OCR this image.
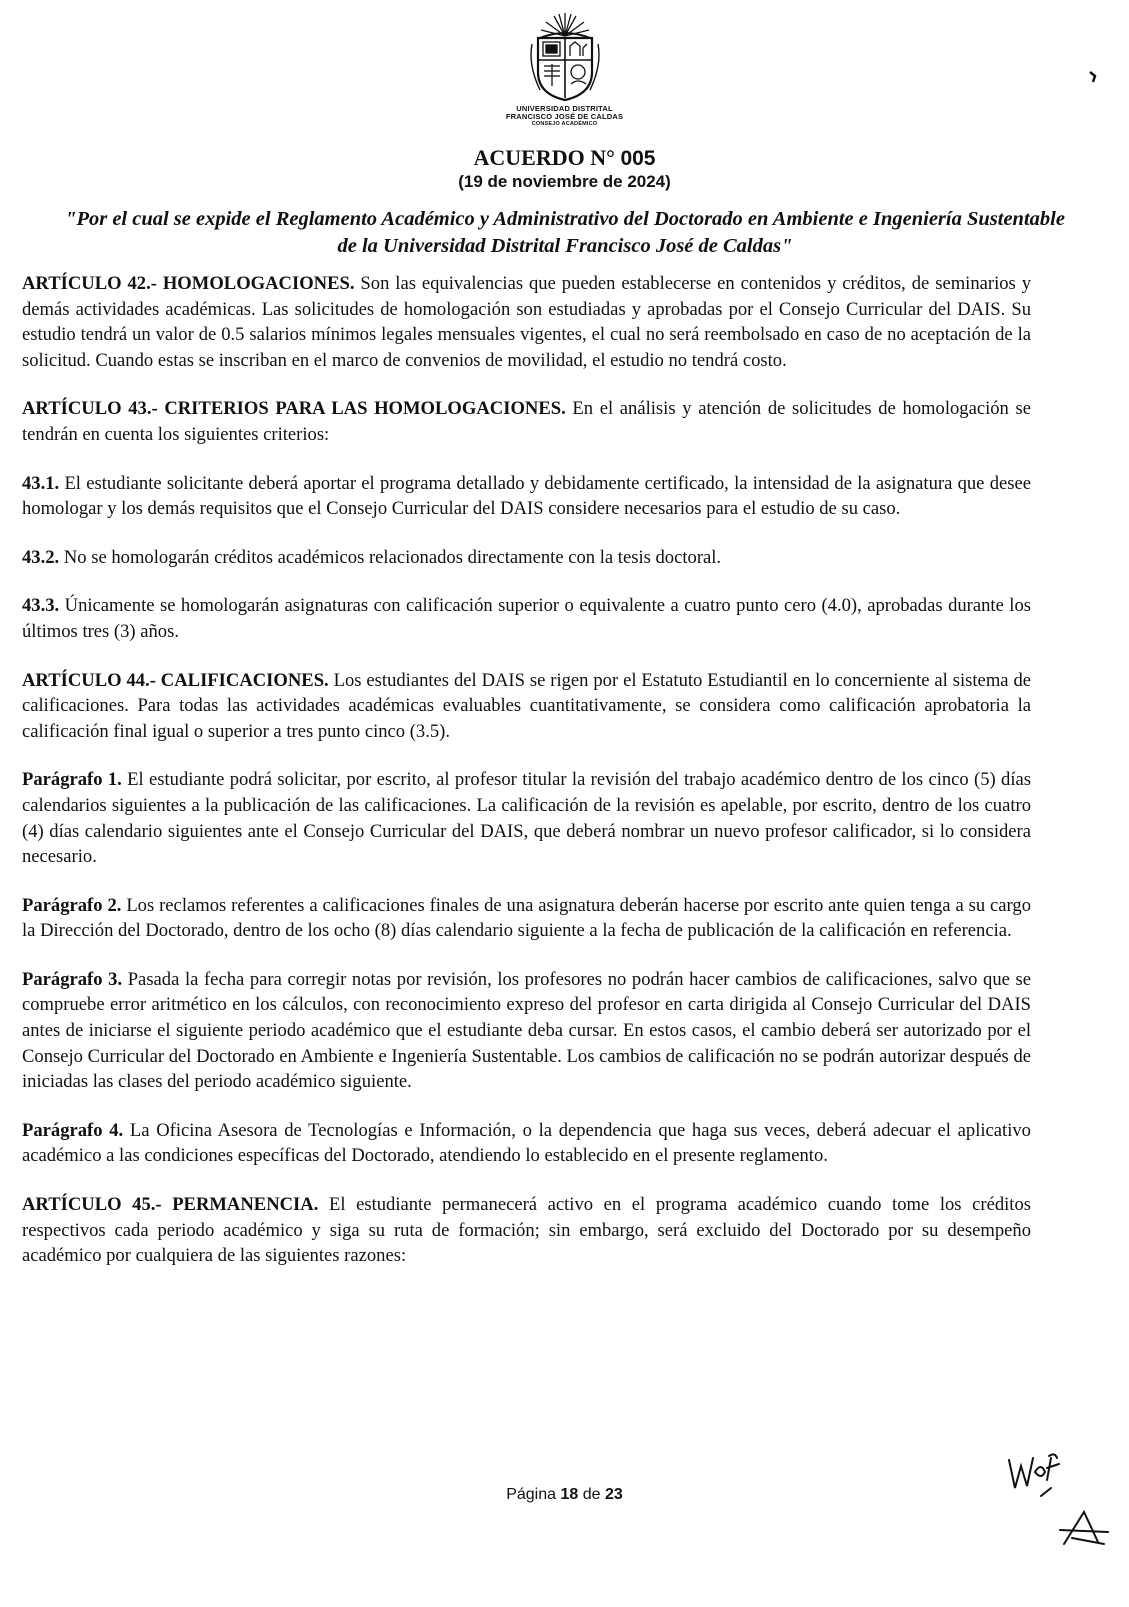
UNIVERSIDAD DISTRITAL
FRANCISCO JOSÉ DE CALDAS
CONSEJO ACADÉMICO
ACUERDO N° 005
(19 de noviembre de 2024)
"Por el cual se expide el Reglamento Académico y Administrativo del Doctorado en Ambiente e Ingeniería Sustentable de la Universidad Distrital Francisco José de Caldas"

ARTÍCULO 42.- HOMOLOGACIONES. Son las equivalencias que pueden establecerse en contenidos y créditos, de seminarios y demás actividades académicas. Las solicitudes de homologación son estudiadas y aprobadas por el Consejo Curricular del DAIS. Su estudio tendrá un valor de 0.5 salarios mínimos legales mensuales vigentes, el cual no será reembolsado en caso de no aceptación de la solicitud. Cuando estas se inscriban en el marco de convenios de movilidad, el estudio no tendrá costo.

ARTÍCULO 43.- CRITERIOS PARA LAS HOMOLOGACIONES. En el análisis y atención de solicitudes de homologación se tendrán en cuenta los siguientes criterios:

43.1. El estudiante solicitante deberá aportar el programa detallado y debidamente certificado, la intensidad de la asignatura que desee homologar y los demás requisitos que el Consejo Curricular del DAIS considere necesarios para el estudio de su caso.

43.2. No se homologarán créditos académicos relacionados directamente con la tesis doctoral.

43.3. Únicamente se homologarán asignaturas con calificación superior o equivalente a cuatro punto cero (4.0), aprobadas durante los últimos tres (3) años.

ARTÍCULO 44.- CALIFICACIONES. Los estudiantes del DAIS se rigen por el Estatuto Estudiantil en lo concerniente al sistema de calificaciones. Para todas las actividades académicas evaluables cuantitativamente, se considera como calificación aprobatoria la calificación final igual o superior a tres punto cinco (3.5).

Parágrafo 1. El estudiante podrá solicitar, por escrito, al profesor titular la revisión del trabajo académico dentro de los cinco (5) días calendarios siguientes a la publicación de las calificaciones. La calificación de la revisión es apelable, por escrito, dentro de los cuatro (4) días calendario siguientes ante el Consejo Curricular del DAIS, que deberá nombrar un nuevo profesor calificador, si lo considera necesario.

Parágrafo 2. Los reclamos referentes a calificaciones finales de una asignatura deberán hacerse por escrito ante quien tenga a su cargo la Dirección del Doctorado, dentro de los ocho (8) días calendario siguiente a la fecha de publicación de la calificación en referencia.

Parágrafo 3. Pasada la fecha para corregir notas por revisión, los profesores no podrán hacer cambios de calificaciones, salvo que se compruebe error aritmético en los cálculos, con reconocimiento expreso del profesor en carta dirigida al Consejo Curricular del DAIS antes de iniciarse el siguiente periodo académico que el estudiante deba cursar. En estos casos, el cambio deberá ser autorizado por el Consejo Curricular del Doctorado en Ambiente e Ingeniería Sustentable. Los cambios de calificación no se podrán autorizar después de iniciadas las clases del periodo académico siguiente.

Parágrafo 4. La Oficina Asesora de Tecnologías e Información, o la dependencia que haga sus veces, deberá adecuar el aplicativo académico a las condiciones específicas del Doctorado, atendiendo lo establecido en el presente reglamento.

ARTÍCULO 45.- PERMANENCIA. El estudiante permanecerá activo en el programa académico cuando tome los créditos respectivos cada periodo académico y siga su ruta de formación; sin embargo, será excluido del Doctorado por su desempeño académico por cualquiera de las siguientes razones:

Página 18 de 23
